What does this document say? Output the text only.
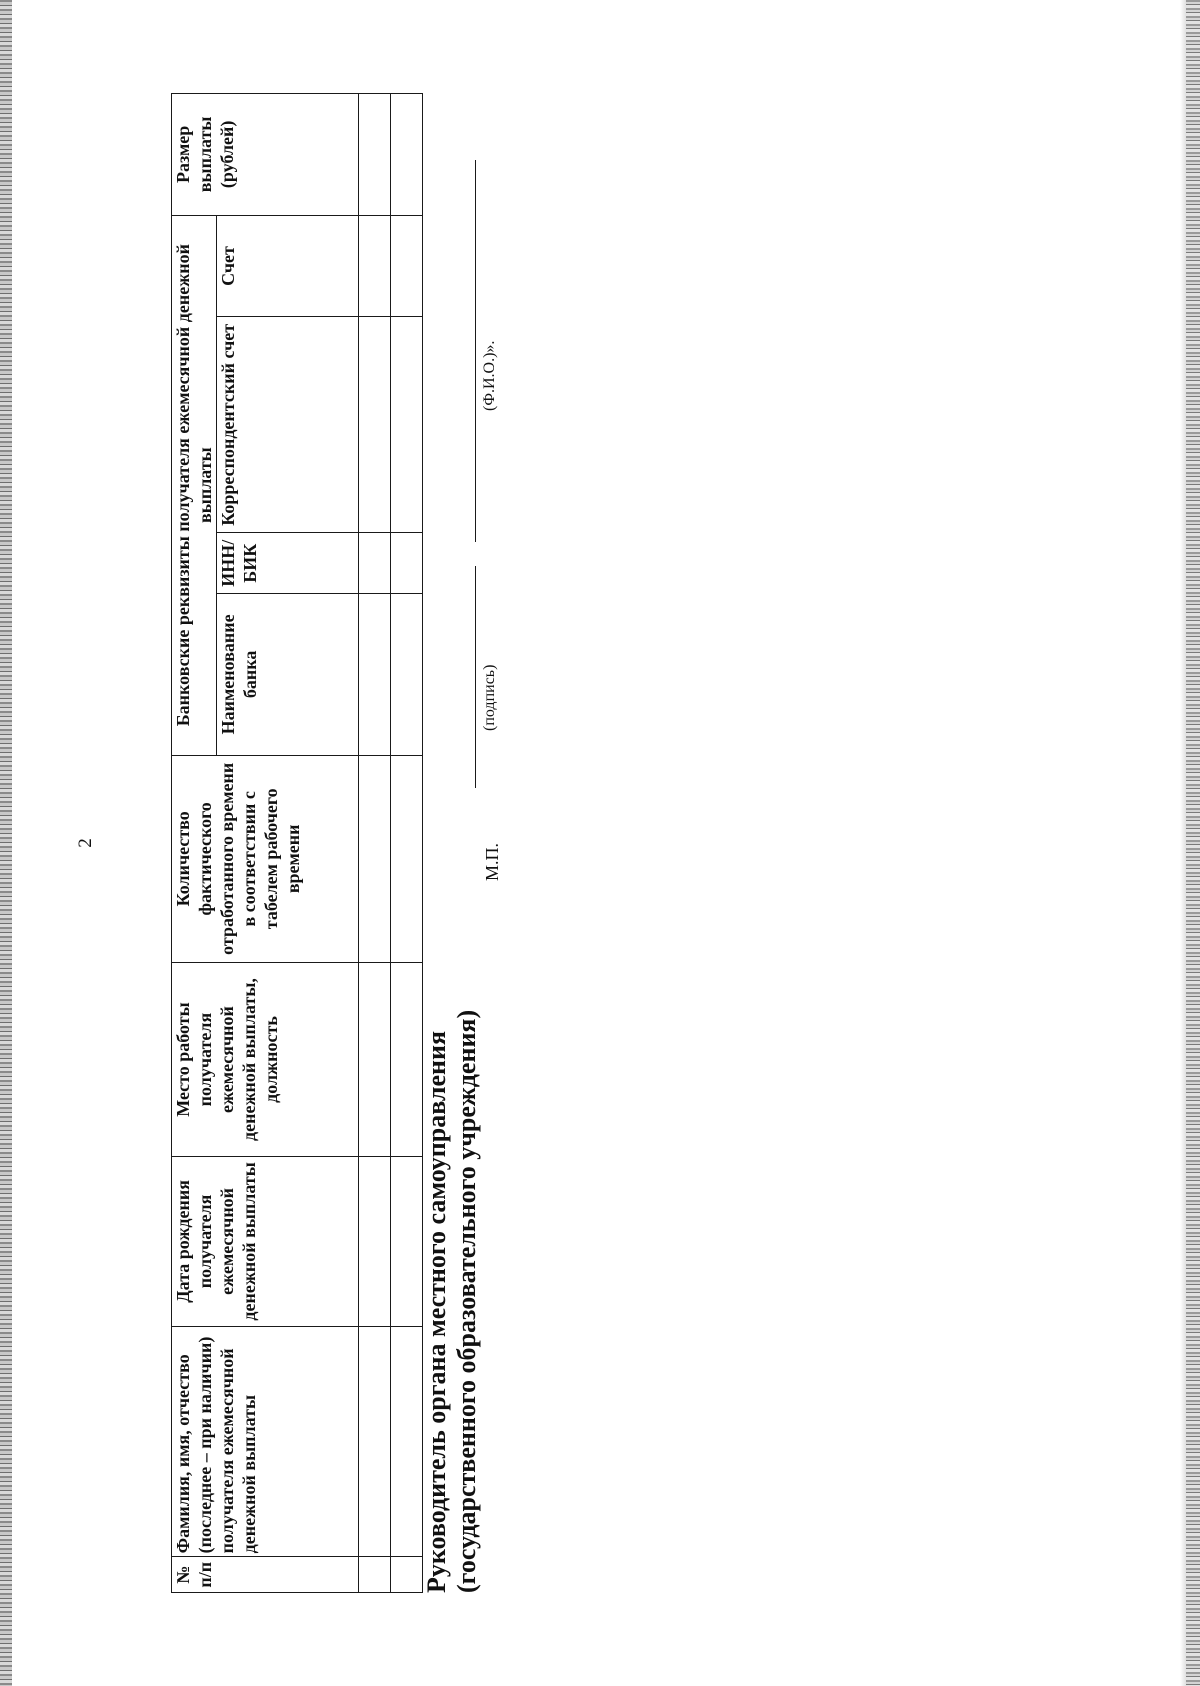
2
№ п/п	Фамилия, имя, отчество (последнее – при наличии) получателя ежемесячной денежной выплаты	Дата рождения получателя ежемесячной денежной выплаты	Место работы получателя ежемесячной денежной выплаты, должность	Количество фактического отработанного времени в соответствии с табелем рабочего времени	Банковские реквизиты получателя ежемесячной денежной выплаты				Размер выплаты (рублей)
					Наименование банка	ИНН/ БИК	Корреспондентский счет	Счет	

Руководитель органа местного самоуправления (государственного образовательного учреждения)
М.П.
(подпись)
(Ф.И.О.)».
